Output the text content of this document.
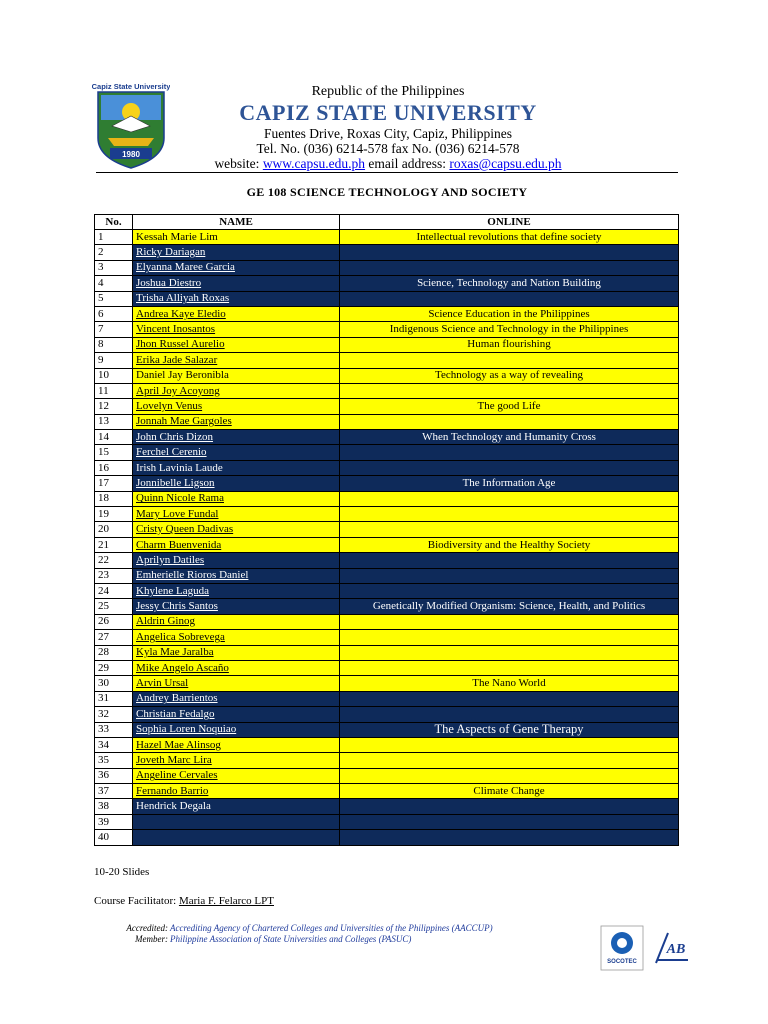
Capiz State University
1980
Republic of the Philippines
CAPIZ STATE UNIVERSITY
Fuentes Drive, Roxas City, Capiz, Philippines
Tel. No. (036) 6214-578 fax No. (036) 6214-578
website: www.capsu.edu.ph email address: roxas@capsu.edu.ph
GE 108 SCIENCE TECHNOLOGY AND SOCIETY
No.	NAME	ONLINE
1	Kessah Marie Lim	Intellectual revolutions that define society
2	Ricky Dariagan	
3	Elyanna Maree Garcia	
4	Joshua Diestro	Science, Technology and Nation Building
5	Trisha Alliyah Roxas	
6	Andrea Kaye Eledio	Science Education in the Philippines
7	Vincent Inosantos	Indigenous Science and Technology in the Philippines
8	Jhon Russel Aurelio	Human flourishing
9	Erika Jade Salazar	
10	Daniel Jay Beronibla	Technology as a way of revealing
11	April Joy Acoyong	
12	Lovelyn Venus	The good Life
13	Jonnah Mae Gargoles	
14	John Chris Dizon	When Technology and Humanity Cross
15	Ferchel Cerenio	
16	Irish Lavinia Laude	
17	Jonnibelle Ligson	The Information Age
18	Quinn Nicole Rama	
19	Mary Love Fundal	
20	Cristy Queen Dadivas	
21	Charm Buenvenida	Biodiversity and the Healthy Society
22	Aprilyn Datiles	
23	Emherielle Rioros Daniel	
24	Khylene Laguda	
25	Jessy Chris Santos	Genetically Modified Organism: Science, Health, and Politics
26	Aldrin Ginog	
27	Angelica Sobrevega	
28	Kyla Mae Jaralba	
29	Mike Angelo Ascaño	
30	Arvin Ursal	The Nano World
31	Andrey Barrientos	
32	Christian Fedalgo	
33	Sophia Loren Noquiao	The Aspects of Gene Therapy
34	Hazel Mae Alinsog	
35	Joveth Marc Lira	
36	Angeline Cervales	
37	Fernando Barrio	Climate Change
38	Hendrick Degala	
39		
40		
10-20 Slides
Course Facilitator: Maria F. Felarco LPT
Accredited: Accrediting Agency of Chartered Colleges and Universities of the Philippines (AACCUP)
Member: Philippine Association of State Universities and Colleges (PASUC)
SOCOTEC
AB
